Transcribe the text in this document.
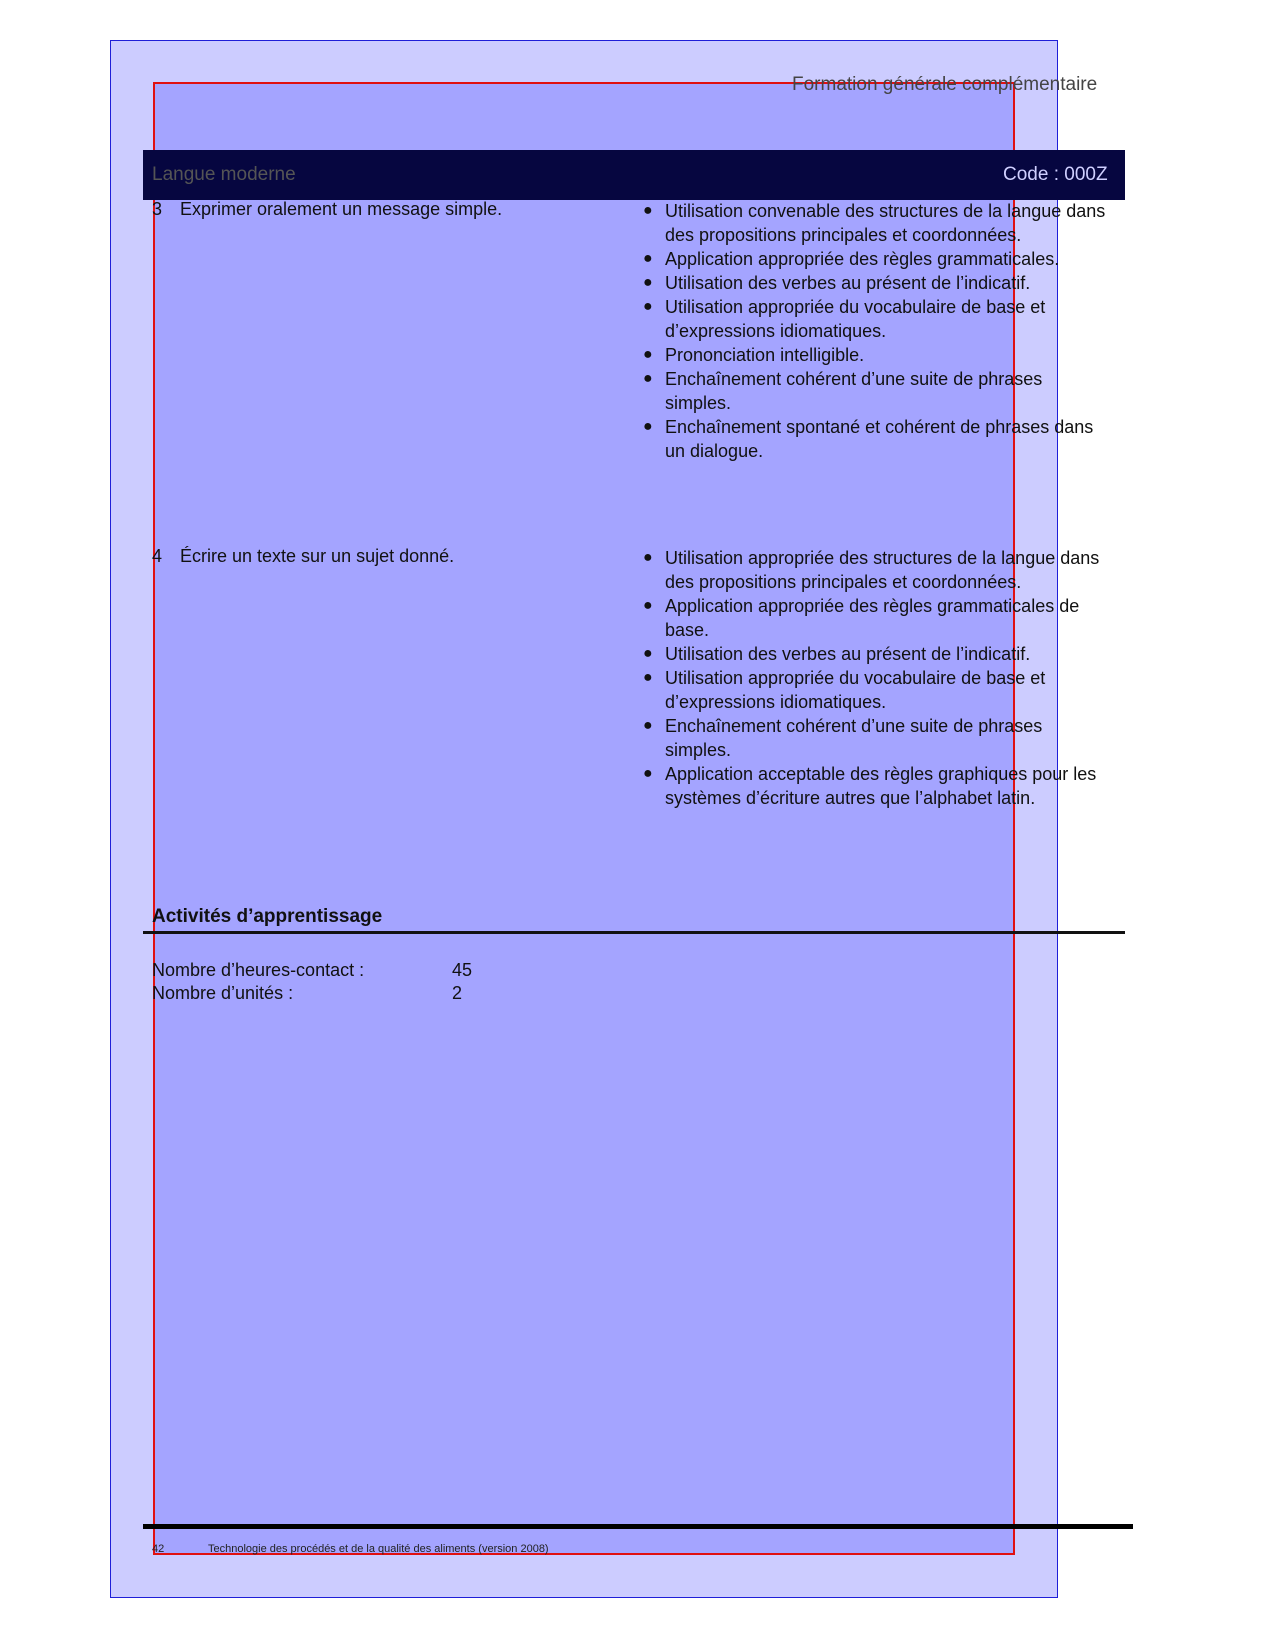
Formation générale complémentaire
Langue moderne	Code : 000Z
3 Exprimer oralement un message simple.	● Utilisation convenable des structures de la langue dans des propositions principales et coordonnées.
● Application appropriée des règles grammaticales.
● Utilisation des verbes au présent de l’indicatif.
● Utilisation appropriée du vocabulaire de base et d’expressions idiomatiques.
● Prononciation intelligible.
● Enchaînement cohérent d’une suite de phrases simples.
● Enchaînement spontané et cohérent de phrases dans un dialogue.
4 Écrire un texte sur un sujet donné.	● Utilisation appropriée des structures de la langue dans des propositions principales et coordonnées.
● Application appropriée des règles grammaticales de base.
● Utilisation des verbes au présent de l’indicatif.
● Utilisation appropriée du vocabulaire de base et d’expressions idiomatiques.
● Enchaînement cohérent d’une suite de phrases simples.
● Application acceptable des règles graphiques pour les systèmes d’écriture autres que l’alphabet latin.
Activités d’apprentissage
Nombre d’heures-contact :	45
Nombre d’unités :	2
42	Technologie des procédés et de la qualité des aliments (version 2008)
